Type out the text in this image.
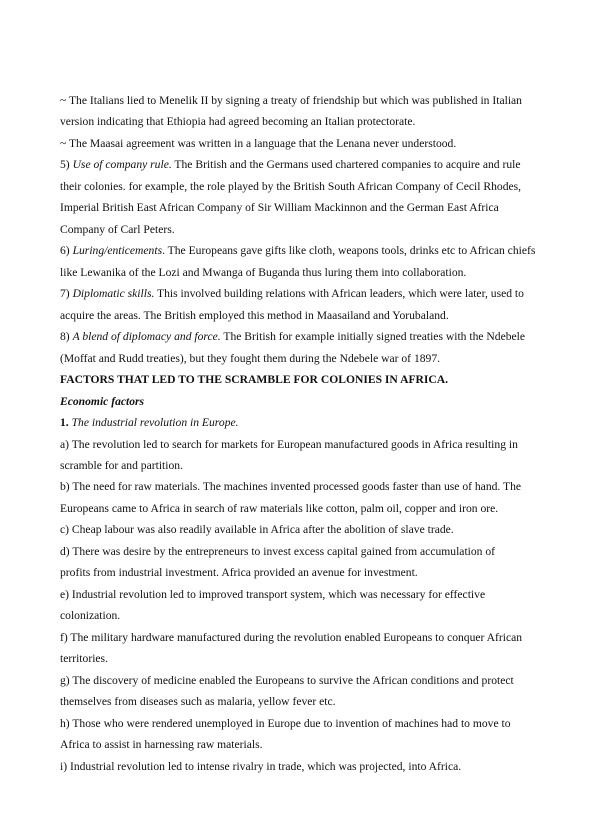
~ The Italians lied to Menelik II by signing a treaty of friendship but which was published in Italian
version indicating that Ethiopia had agreed becoming an Italian protectorate.
~ The Maasai agreement was written in a language that the Lenana never understood.
5) Use of company rule. The British and the Germans used chartered companies to acquire and rule
their colonies. for example, the role played by the British South African Company of Cecil Rhodes,
Imperial British East African Company of Sir William Mackinnon and the German East Africa
Company of Carl Peters.
6) Luring/enticements. The Europeans gave gifts like cloth, weapons tools, drinks etc to African chiefs
like Lewanika of the Lozi and Mwanga of Buganda thus luring them into collaboration.
7) Diplomatic skills. This involved building relations with African leaders, which were later, used to
acquire the areas. The British employed this method in Maasailand and Yorubaland.
8) A blend of diplomacy and force. The British for example initially signed treaties with the Ndebele
(Moffat and Rudd treaties), but they fought them during the Ndebele war of 1897.
FACTORS THAT LED TO THE SCRAMBLE FOR COLONIES IN AFRICA.
Economic factors
1. The industrial revolution in Europe.
a) The revolution led to search for markets for European manufactured goods in Africa resulting in
scramble for and partition.
b) The need for raw materials. The machines invented processed goods faster than use of hand. The
Europeans came to Africa in search of raw materials like cotton, palm oil, copper and iron ore.
c) Cheap labour was also readily available in Africa after the abolition of slave trade.
d) There was desire by the entrepreneurs to invest excess capital gained from accumulation of
profits from industrial investment. Africa provided an avenue for investment.
e) Industrial revolution led to improved transport system, which was necessary for effective
colonization.
f) The military hardware manufactured during the revolution enabled Europeans to conquer African
territories.
g) The discovery of medicine enabled the Europeans to survive the African conditions and protect
themselves from diseases such as malaria, yellow fever etc.
h) Those who were rendered unemployed in Europe due to invention of machines had to move to
Africa to assist in harnessing raw materials.
i) Industrial revolution led to intense rivalry in trade, which was projected, into Africa.
